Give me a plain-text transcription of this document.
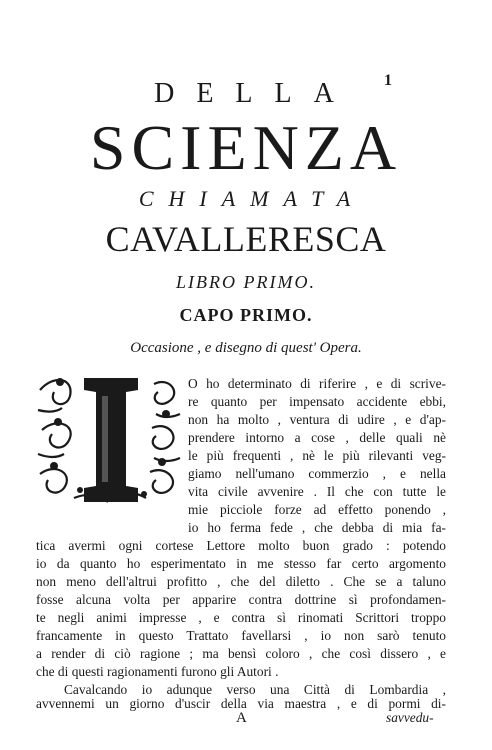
1
DELLA
SCIENZA
CHIAMATA
CAVALLERESCA
LIBRO PRIMO.
CAPO PRIMO.
Occasione , e disegno di quest' Opera.
O ho determinato di riferire , e di scrive-
re quanto per impensato accidente ebbi,
non ha molto , ventura di udire , e d'ap-
prendere intorno a cose , delle quali nè
le più frequenti , nè le più rilevanti veg-
giamo nell'umano commerzio , e nella
vita civile avvenire . Il che con tutte le
mie picciole forze ad effetto ponendo ,
io ho ferma fede , che debba di mia fa-
tica avermi ogni cortese Lettore molto buon grado : potendo
io da quanto ho esperimentato in me stesso far certo argomento
non meno dell'altrui profitto , che del diletto . Che se a taluno
fosse alcuna volta per apparire contra dottrine sì profondamen-
te negli animi impresse , e contra sì rinomati Scrittori troppo
francamente in questo Trattato favellarsi , io non sarò tenuto
a render di ciò ragione ; ma bensì coloro , che così dissero , e
che di questi ragionamenti furono gli Autori .
Cavalcando io adunque verso una Città di Lombardia ,
avvennemi un giorno d'uscir della via maestra , e di pormi di-
A	savvedu-
